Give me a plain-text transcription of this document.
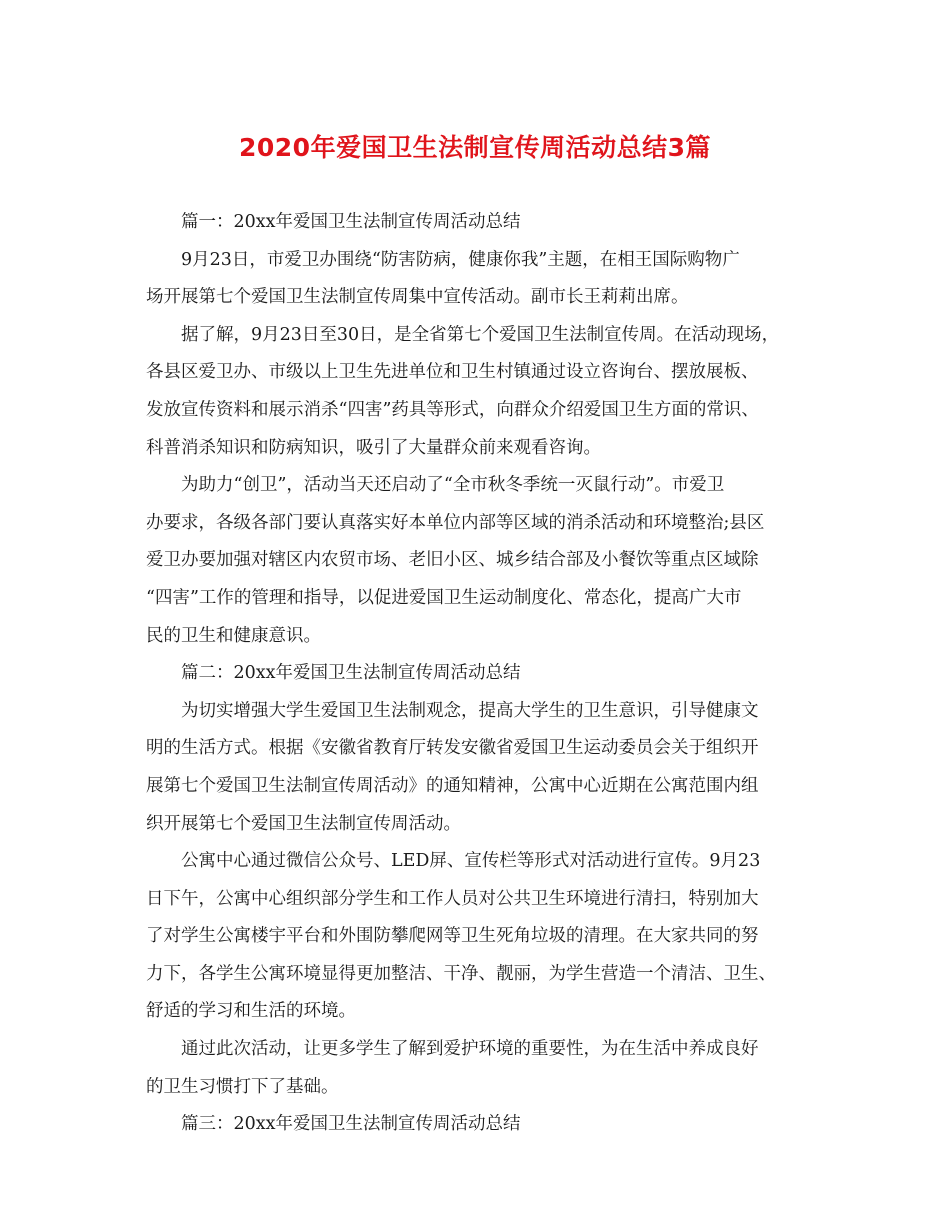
2020年爱国卫生法制宣传周活动总结3篇

篇一：20xx年爱国卫生法制宣传周活动总结

9月23日，市爱卫办围绕“防害防病，健康你我”主题，在相王国际购物广
场开展第七个爱国卫生法制宣传周集中宣传活动。副市长王莉莉出席。

据了解，9月23日至30日，是全省第七个爱国卫生法制宣传周。在活动现场，
各县区爱卫办、市级以上卫生先进单位和卫生村镇通过设立咨询台、摆放展板、
发放宣传资料和展示消杀“四害”药具等形式，向群众介绍爱国卫生方面的常识、
科普消杀知识和防病知识，吸引了大量群众前来观看咨询。

为助力“创卫”，活动当天还启动了“全市秋冬季统一灭鼠行动”。市爱卫
办要求，各级各部门要认真落实好本单位内部等区域的消杀活动和环境整治;县区
爱卫办要加强对辖区内农贸市场、老旧小区、城乡结合部及小餐饮等重点区域除
“四害”工作的管理和指导，以促进爱国卫生运动制度化、常态化，提高广大市
民的卫生和健康意识。

篇二：20xx年爱国卫生法制宣传周活动总结

为切实增强大学生爱国卫生法制观念，提高大学生的卫生意识，引导健康文
明的生活方式。根据《安徽省教育厅转发安徽省爱国卫生运动委员会关于组织开
展第七个爱国卫生法制宣传周活动》的通知精神，公寓中心近期在公寓范围内组
织开展第七个爱国卫生法制宣传周活动。

公寓中心通过微信公众号、LED屏、宣传栏等形式对活动进行宣传。9月23
日下午，公寓中心组织部分学生和工作人员对公共卫生环境进行清扫，特别加大
了对学生公寓楼宇平台和外围防攀爬网等卫生死角垃圾的清理。在大家共同的努
力下，各学生公寓环境显得更加整洁、干净、靓丽，为学生营造一个清洁、卫生、
舒适的学习和生活的环境。

通过此次活动，让更多学生了解到爱护环境的重要性，为在生活中养成良好
的卫生习惯打下了基础。

篇三：20xx年爱国卫生法制宣传周活动总结
